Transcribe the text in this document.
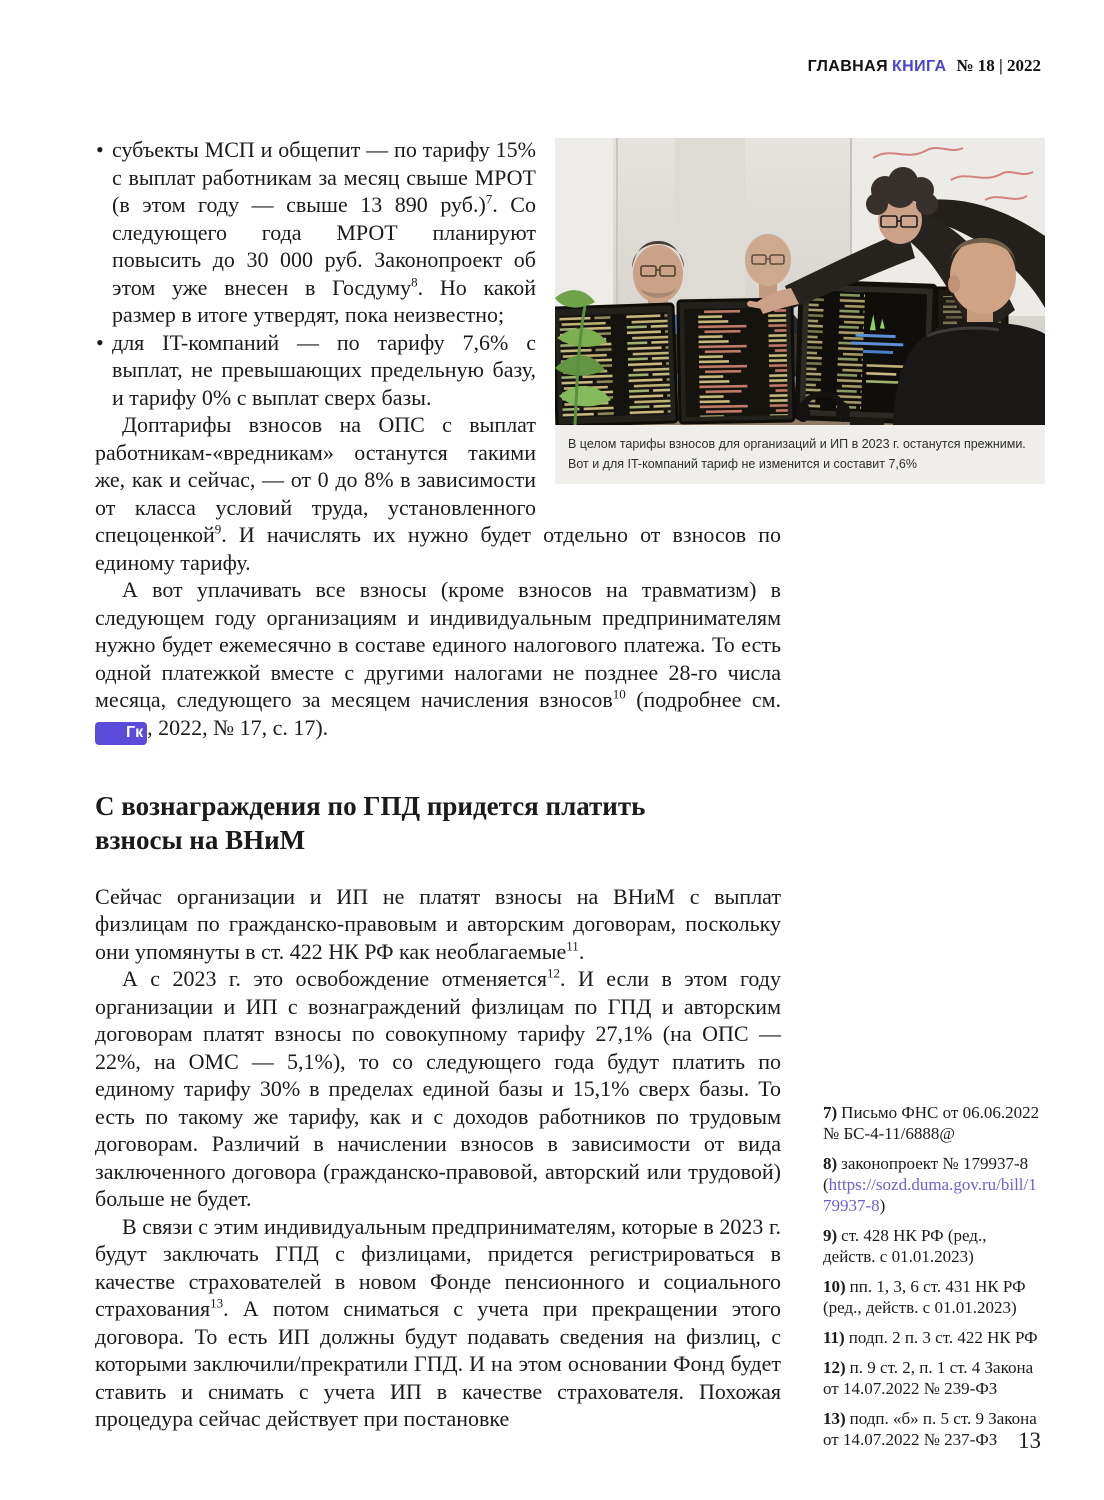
ГЛАВНАЯ КНИГА № 18 | 2022
В целом тарифы взносов для организаций и ИП в 2023 г. останутся прежними.
Вот и для IT-компаний тариф не изменится и составит 7,6%
• субъекты МСП и общепит — по тарифу 15% с выплат работникам за месяц свыше МРОТ (в этом году — свыше 13 890 руб.)$^7$. Со следующего года МРОТ планируют повысить до 30 000 руб. Законопроект об этом уже внесен в Госдуму$^8$. Но какой размер в итоге утвердят, пока неизвестно;
• для IT-компаний — по тарифу 7,6% с выплат, не превышающих предельную базу, и тарифу 0% с выплат сверх базы.

Доптарифы взносов на ОПС с выплат работникам-«вредникам» останутся такими же, как и сейчас, — от 0 до 8% в зависимости от класса условий труда, установленного спецоценкой$^9$. И начислять их нужно будет отдельно от взносов по единому тарифу.

А вот уплачивать все взносы (кроме взносов на травматизм) в следующем году организациям и индивидуальным предпринимателям нужно будет ежемесячно в составе единого налогового платежа. То есть одной платежкой вместе с другими налогами не позднее 28-го числа месяца, следующего за месяцем начисления взносов$^{10}$ (подробнее см. Гк , 2022, № 17, с. 17).

С вознаграждения по ГПД придется платить взносы на ВНиМ

Сейчас организации и ИП не платят взносы на ВНиМ с выплат физлицам по гражданско-правовым и авторским договорам, поскольку они упомянуты в ст. 422 НК РФ как необлагаемые$^{11}$.

А с 2023 г. это освобождение отменяется$^{12}$. И если в этом году организации и ИП с вознаграждений физлицам по ГПД и авторским договорам платят взносы по совокупному тарифу 27,1% (на ОПС — 22%, на ОМС — 5,1%), то со следующего года будут платить по единому тарифу 30% в пределах единой базы и 15,1% сверх базы. То есть по такому же тарифу, как и с доходов работников по трудовым договорам. Различий в начислении взносов в зависимости от вида заключенного договора (гражданско-правовой, авторский или трудовой) больше не будет.

В связи с этим индивидуальным предпринимателям, которые в 2023 г. будут заключать ГПД с физлицами, придется регистрироваться в качестве страхователей в новом Фонде пенсионного и социального страхования$^{13}$. А потом сниматься с учета при прекращении этого договора. То есть ИП должны будут подавать сведения на физлиц, с которыми заключили/прекратили ГПД. И на этом основании Фонд будет ставить и снимать с учета ИП в качестве страхователя. Похожая процедура сейчас действует при постановке

7) Письмо ФНС от 06.06.2022 № БС-4-11/6888@

8) законопроект № 179937-8 (https://sozd.duma.gov.ru/bill/179937-8)

9) ст. 428 НК РФ (ред., действ. с 01.01.2023)

10) пп. 1, 3, 6 ст. 431 НК РФ (ред., действ. с 01.01.2023)

11) подп. 2 п. 3 ст. 422 НК РФ

12) п. 9 ст. 2, п. 1 ст. 4 Закона от 14.07.2022 № 239-ФЗ

13) подп. «б» п. 5 ст. 9 Закона от 14.07.2022 № 237-ФЗ 13
